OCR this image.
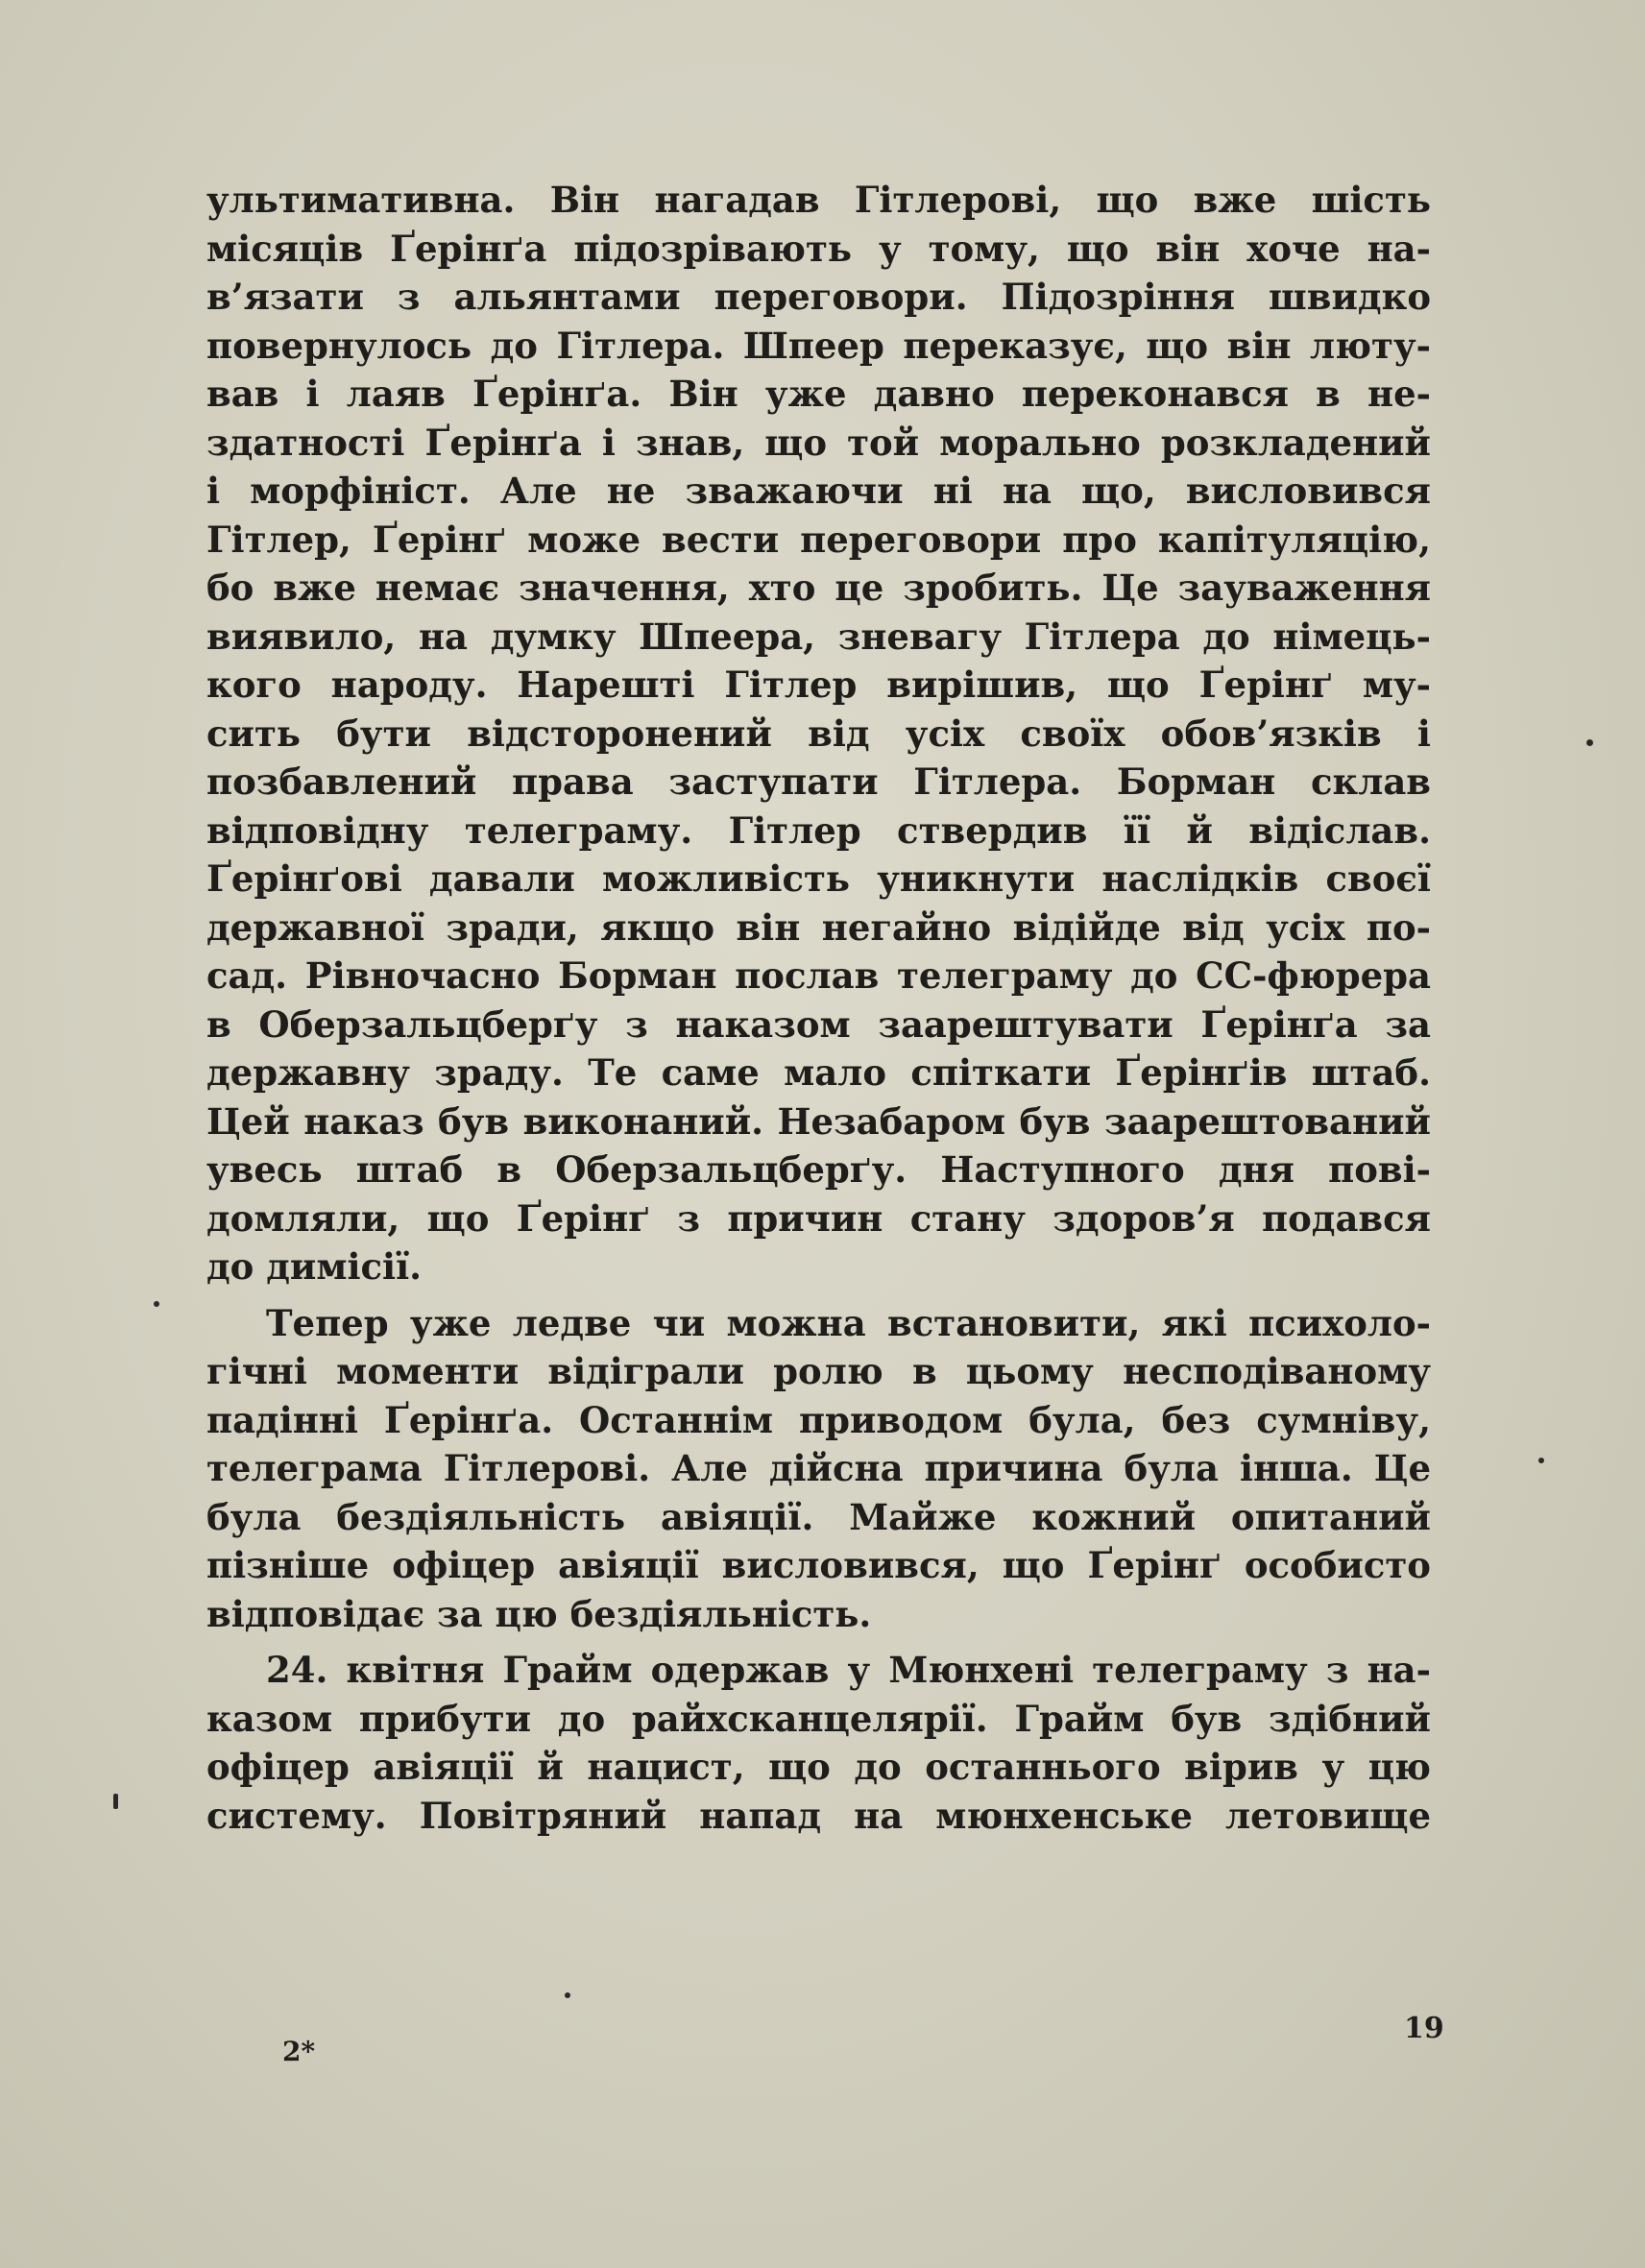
ультимативна. Він нагадав Гітлерові, що вже шість
місяців Ґерінґа підозрівають у тому, що він хоче на-
в’язати з альянтами переговори. Підозріння швидко
повернулось до Гітлера. Шпеер переказує, що він люту-
вав і лаяв Ґерінґа. Він уже давно переконався в не-
здатності Ґерінґа і знав, що той морально розкладений
і морфініст. Але не зважаючи ні на що, висловився
Гітлер, Ґерінґ може вести переговори про капітуляцію,
бо вже немає значення, хто це зробить. Це зауваження
виявило, на думку Шпеера, зневагу Гітлера до німець-
кого народу. Нарешті Гітлер вирішив, що Ґерінґ му-
сить бути відсторонений від усіх своїх обов’язків і
позбавлений права заступати Гітлера. Борман склав
відповідну телеграму. Гітлер ствердив її й відіслав.
Ґерінґові давали можливість уникнути наслідків своєї
державної зради, якщо він негайно відійде від усіх по-
сад. Рівночасно Борман послав телеграму до СС-фюрера
в Оберзальцберґу з наказом заарештувати Ґерінґа за
державну зраду. Те саме мало спіткати Ґерінґів штаб.
Цей наказ був виконаний. Незабаром був заарештований
увесь штаб в Оберзальцберґу. Наступного дня пові-
домляли, що Ґерінґ з причин стану здоров’я подався
до димісії.
Тепер уже ледве чи можна встановити, які психоло-
гічні моменти відіграли ролю в цьому несподіваному
падінні Ґерінґа. Останнім приводом була, без сумніву,
телеграма Гітлерові. Але дійсна причина була інша. Це
була бездіяльність авіяції. Майже кожний опитаний
пізніше офіцер авіяції висловився, що Ґерінґ особисто
відповідає за цю бездіяльність.
24. квітня Грайм одержав у Мюнхені телеграму з на-
казом прибути до райхсканцелярії. Грайм був здібний
офіцер авіяції й нацист, що до останнього вірив у цю
систему. Повітряний напад на мюнхенське летовище
2*
19
